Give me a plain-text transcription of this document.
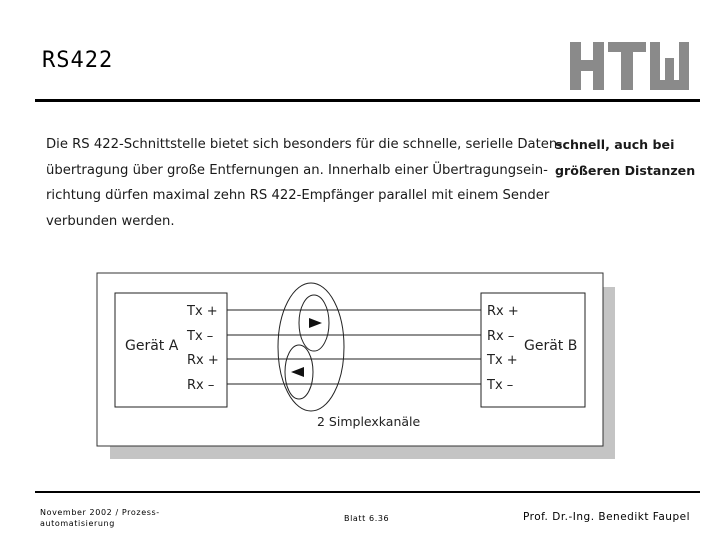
RS422
Die RS 422-Schnittstelle bietet sich besonders für die schnelle, serielle Daten-
übertragung über große Entfernungen an. Innerhalb einer Übertragungsein-
richtung dürfen maximal zehn RS 422-Empfänger parallel mit einem Sender
verbunden werden.
schnell, auch bei
größeren Distanzen
Gerät A	Gerät B
Tx +
Tx –
Rx +
Rx –
Rx +
Rx –
Tx +
Tx –
2 Simplexkanäle
November 2002 / Prozess-
automatisierung
Blatt 6.36	Prof. Dr.-Ing. Benedikt Faupel
